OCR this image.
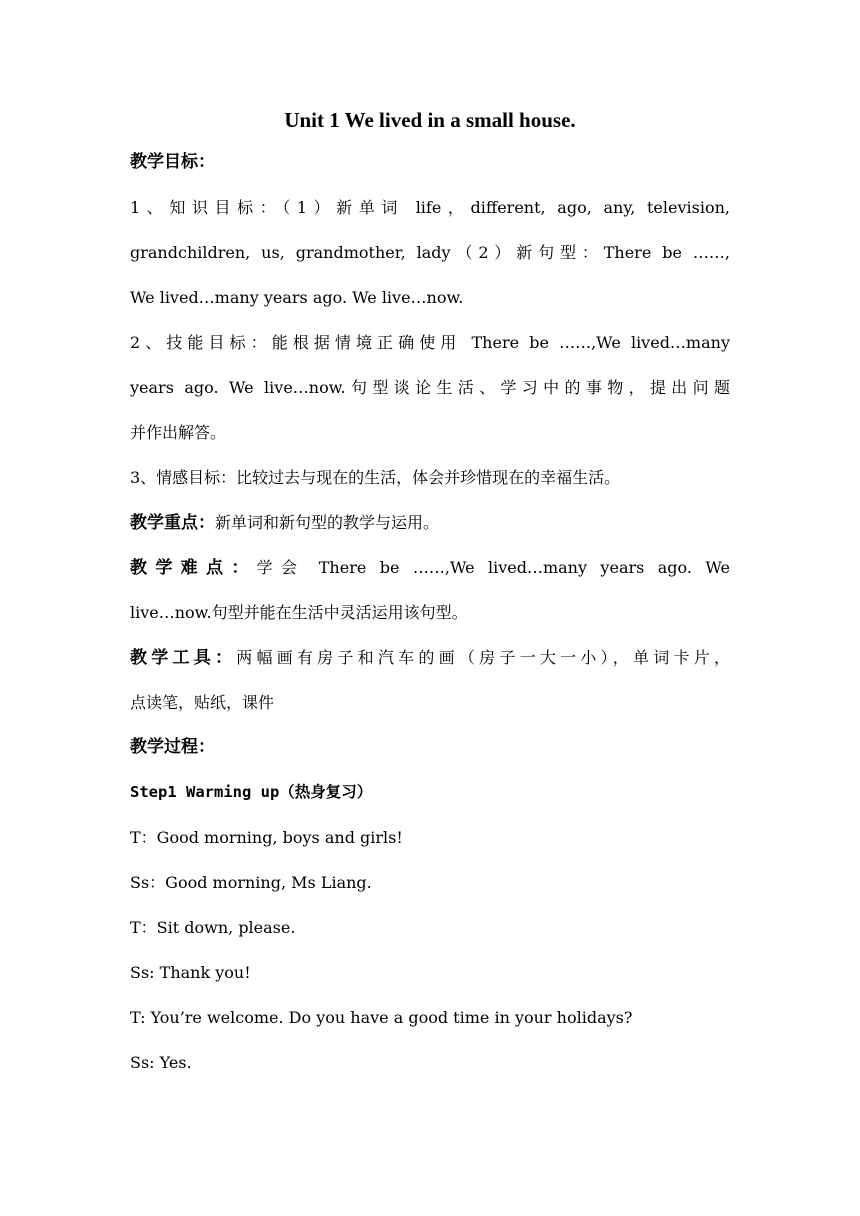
Unit 1 We lived in a small house.
教学目标：
1、知识目标：（1）新单词 life，different, ago, any, television,
grandchildren, us, grandmother, lady（2）新句型：There be ……,
We lived…many years ago. We live…now.
2、技能目标：能根据情境正确使用 There be ……,We lived…many
years ago. We live…now.句型谈论生活、学习中的事物，提出问题
并作出解答。
3、情感目标：比较过去与现在的生活，体会并珍惜现在的幸福生活。
教学重点：新单词和新句型的教学与运用。
教学难点：学会 There be ……,We lived…many years ago. We
live…now.句型并能在生活中灵活运用该句型。
教学工具：两幅画有房子和汽车的画（房子一大一小），单词卡片，
点读笔，贴纸，课件
教学过程：
Step1 Warming up（热身复习）
T：Good morning, boys and girls!
Ss：Good morning, Ms Liang.
T：Sit down, please.
Ss: Thank you!
T: You’re welcome. Do you have a good time in your holidays?
Ss: Yes.
